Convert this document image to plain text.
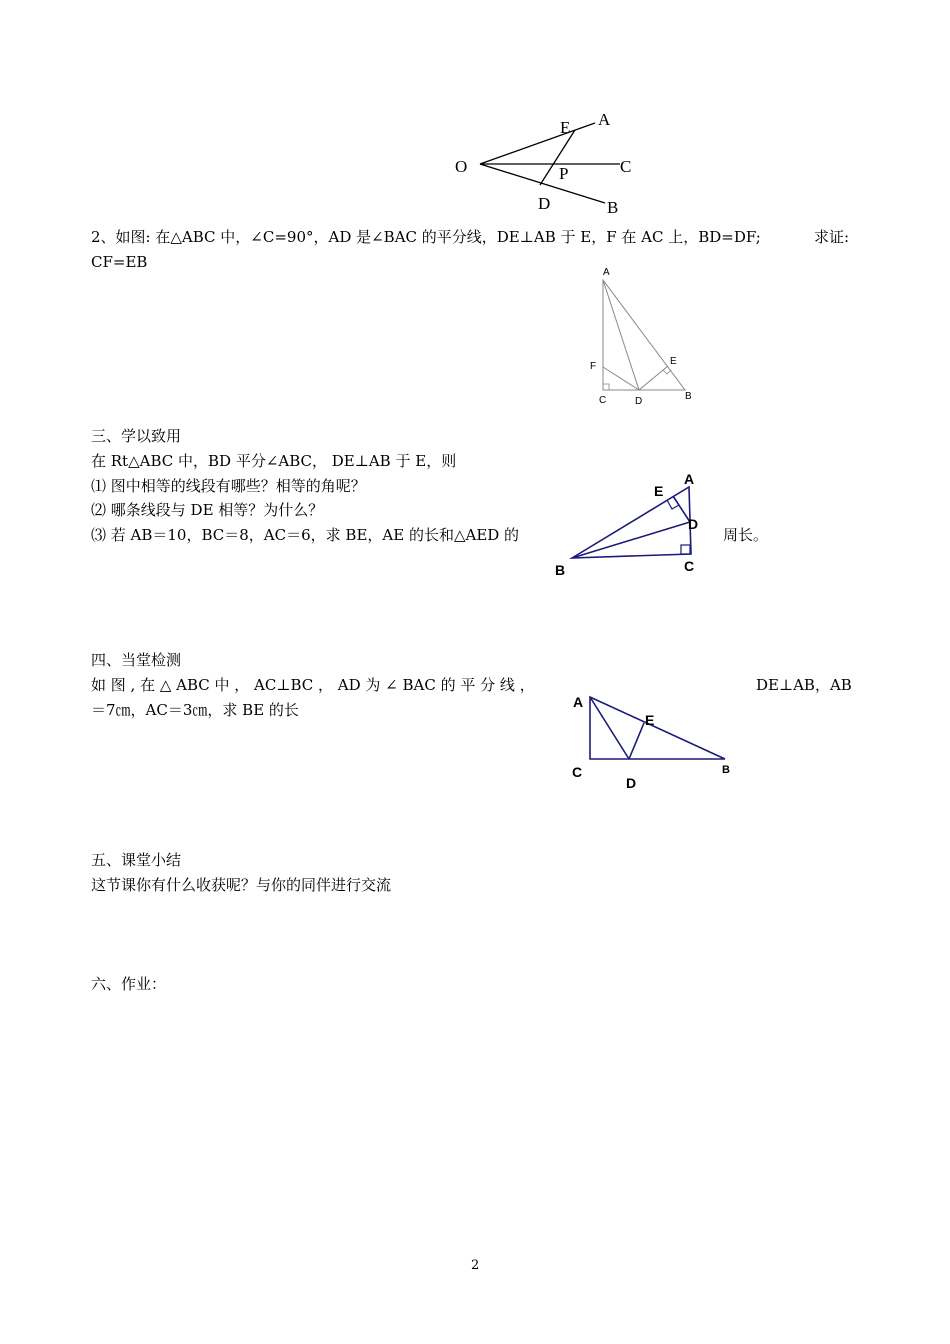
O
A
E
C
P
D	B
2、如图: 在△ABC 中，∠C=90°，AD 是∠BAC 的平分线，DE⊥AB 于 E，F 在 AC 上，BD=DF;	求证:
CF=EB
A
F	E
C	D	B
三、学以致用
在 Rt△ABC 中，BD 平分∠ABC， DE⊥AB 于 E，则
⑴ 图中相等的线段有哪些？相等的角呢？
⑵ 哪条线段与 DE 相等？为什么？
⑶ 若 AB＝10，BC＝8，AC＝6，求 BE，AE 的长和△AED 的	周长。
A
E
D
B	C
四、当堂检测
如 图 , 在 △ ABC 中 ， AC⊥BC ， AD 为 ∠ BAC 的 平 分 线 ，	DE⊥AB，AB
＝7㎝，AC＝3㎝，求 BE 的长	A
E
C
D
B
五、课堂小结
这节课你有什么收获呢？与你的同伴进行交流
六、作业：
2
